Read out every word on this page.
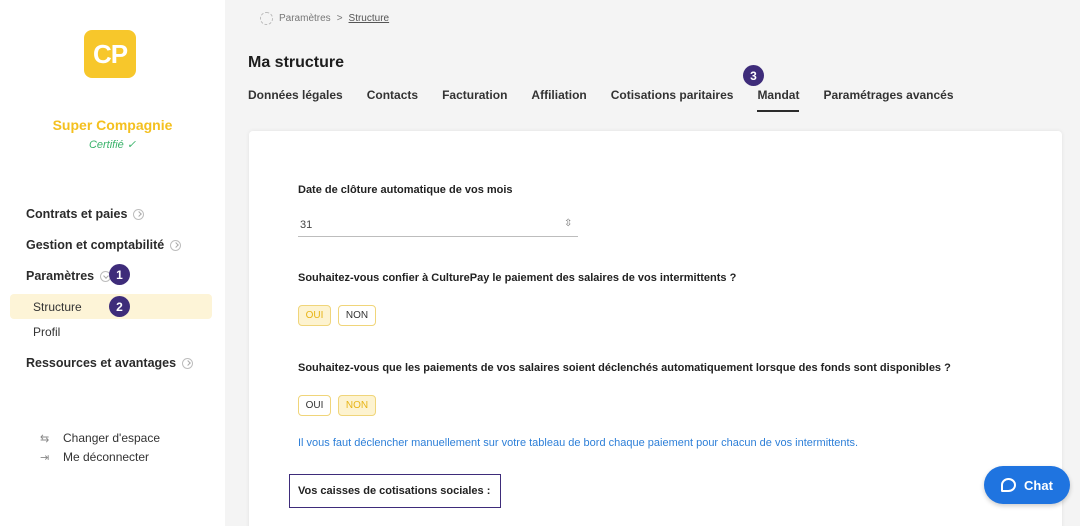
CP
Super Compagnie
Certifié ✓︎
Contrats et paies
Gestion et comptabilité
Paramètres	1
Structure	2
Profil
Ressources et avantages
⇆ Changer d'espace
⇥ Me déconnecter
Paramètres > Structure
Ma structure
3
Données légales Contacts Facturation Affiliation Cotisations paritaires Mandat Paramétrages avancés
Date de clôture automatique de vos mois
31	⇳
Souhaitez-vous confier à CulturePay le paiement des salaires de vos intermittents ?
OUI	NON
Souhaitez-vous que les paiements de vos salaires soient déclenchés automatiquement lorsque des fonds sont disponibles ?
OUI	NON
Il vous faut déclencher manuellement sur votre tableau de bord chaque paiement pour chacun de vos intermittents.
Vos caisses de cotisations sociales :	Chat
